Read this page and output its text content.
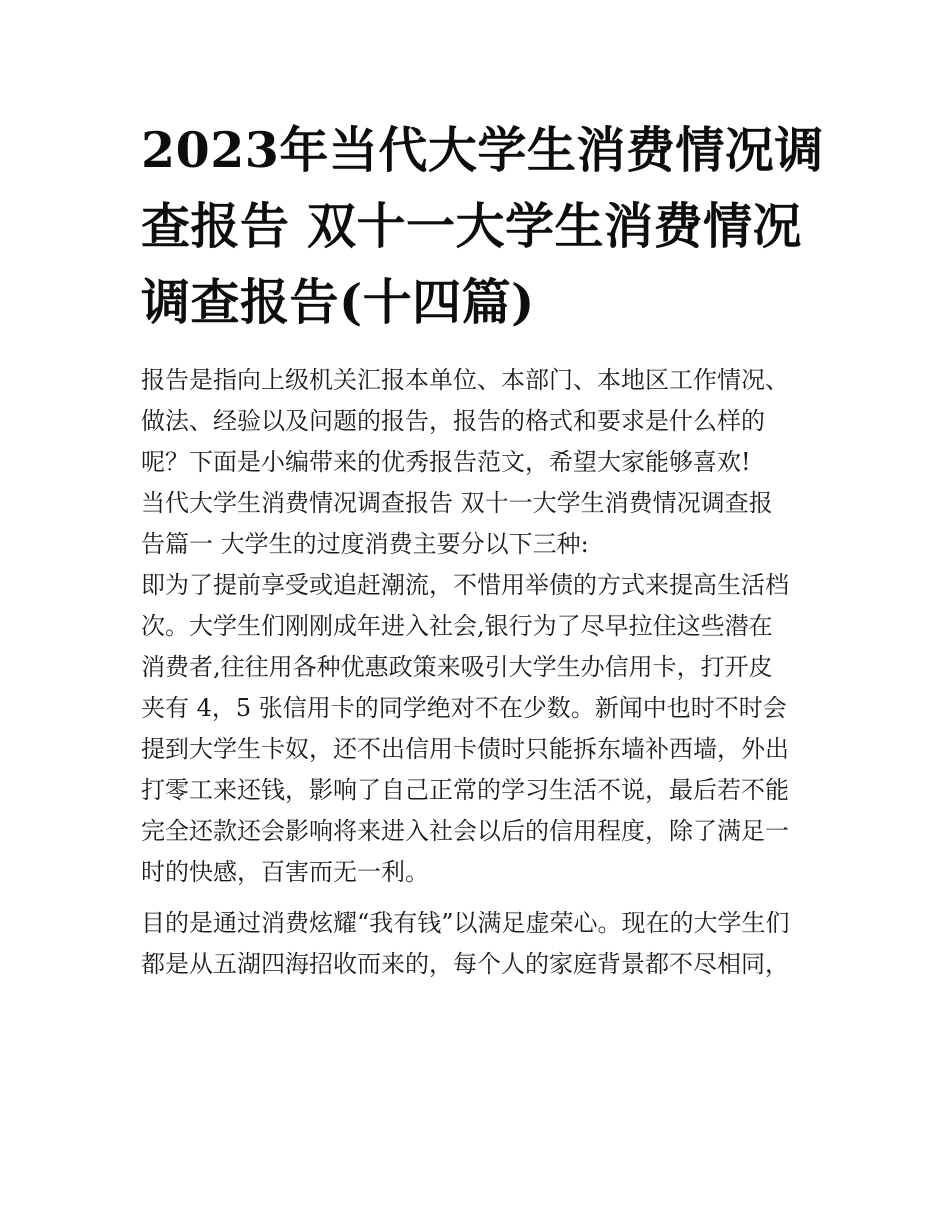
2023年当代大学生消费情况调
查报告 双十一大学生消费情况
调查报告(十四篇)
报告是指向上级机关汇报本单位、本部门、本地区工作情况、
做法、经验以及问题的报告，报告的格式和要求是什么样的
呢？下面是小编带来的优秀报告范文，希望大家能够喜欢!
当代大学生消费情况调查报告 双十一大学生消费情况调查报
告篇一 大学生的过度消费主要分以下三种:
即为了提前享受或追赶潮流，不惜用举债的方式来提高生活档
次。大学生们刚刚成年进入社会,银行为了尽早拉住这些潜在
消费者,往往用各种优惠政策来吸引大学生办信用卡，打开皮
夹有 4，5 张信用卡的同学绝对不在少数。新闻中也时不时会
提到大学生卡奴，还不出信用卡债时只能拆东墙补西墙，外出
打零工来还钱，影响了自己正常的学习生活不说，最后若不能
完全还款还会影响将来进入社会以后的信用程度，除了满足一
时的快感，百害而无一利。
目的是通过消费炫耀“我有钱”以满足虚荣心。现在的大学生们
都是从五湖四海招收而来的，每个人的家庭背景都不尽相同，
